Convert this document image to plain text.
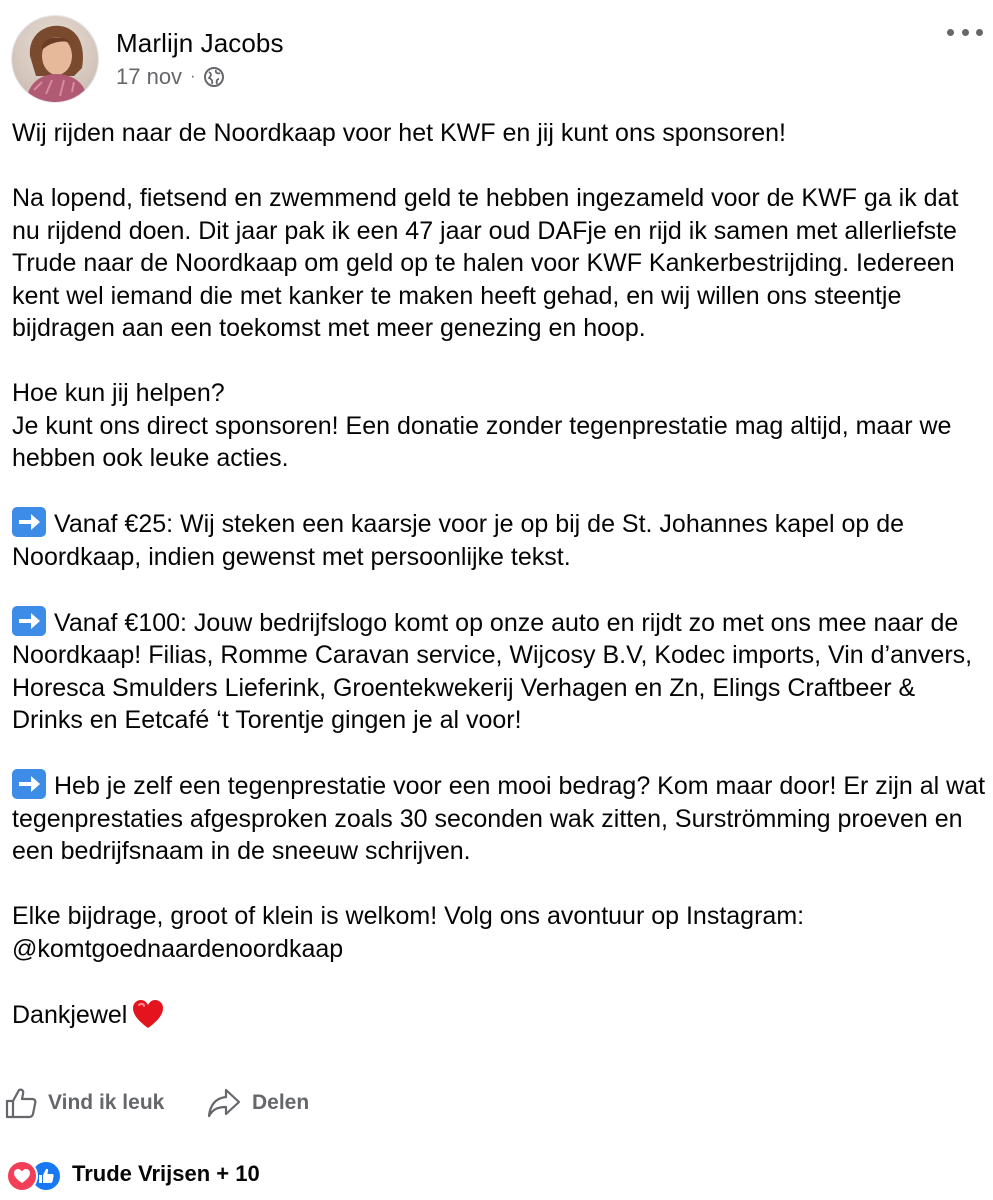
Marlijn Jacobs
17 nov ·

Wij rijden naar de Noordkaap voor het KWF en jij kunt ons sponsoren!

Na lopend, fietsend en zwemmend geld te hebben ingezameld voor de KWF ga ik dat nu rijdend doen. Dit jaar pak ik een 47 jaar oud DAFje en rijd ik samen met allerliefste Trude naar de Noordkaap om geld op te halen voor KWF Kankerbestrijding. Iedereen kent wel iemand die met kanker te maken heeft gehad, en wij willen ons steentje bijdragen aan een toekomst met meer genezing en hoop.

Hoe kun jij helpen?
Je kunt ons direct sponsoren! Een donatie zonder tegenprestatie mag altijd, maar we hebben ook leuke acties.

Vanaf €25: Wij steken een kaarsje voor je op bij de St. Johannes kapel op de Noordkaap, indien gewenst met persoonlijke tekst.

Vanaf €100: Jouw bedrijfslogo komt op onze auto en rijdt zo met ons mee naar de Noordkaap! Filias, Romme Caravan service, Wijcosy B.V, Kodec imports, Vin d’anvers, Horesca Smulders Lieferink, Groentekwekerij Verhagen en Zn, Elings Craftbeer & Drinks en Eetcafé ‘t Torentje gingen je al voor!

Heb je zelf een tegenprestatie voor een mooi bedrag? Kom maar door! Er zijn al wat tegenprestaties afgesproken zoals 30 seconden wak zitten, Surströmming proeven en een bedrijfsnaam in de sneeuw schrijven.

Elke bijdrage, groot of klein is welkom! Volg ons avontuur op Instagram:
@komtgoednaardenoordkaap

Dankjewel

Vind ik leuk	Delen
Trude Vrijsen + 10
